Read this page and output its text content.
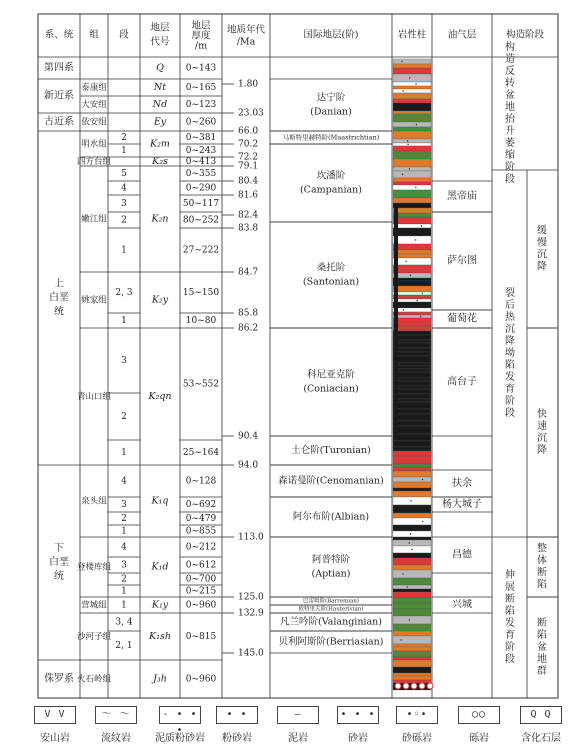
系、统 组 段
地层
代号
地层
厚度
/m
地质年代
/Ma
国际地层(阶)	岩性柱 油气层	构造阶段
第四系
新近系
古近系
上
白垩
统
下
白垩
统
侏罗系
泰康组
大安组
依安组
明水组
四方台组
嫩江组
姚家组
青山口组
泉头组
登楼库组
营城组
沙河子组
火石岭组
2
1
5
4
3
2
1
2, 3
1
3
2
1
4
3
2
1
4
3
2
1
1
3, 4
2, 1
Q
Nt
Nd
Ey
K₂m
K₂s
K₂n
K₂y
K₂qn
K₁q
K₁d
K₁y
K₁sh
J₃h
0~143
0~165
0~123
0~260
0~381
0~243
0~413
0~355
0~290
50~117
80~252
27~222
15~150
10~80
53~552
25~164
0~128
0~692
0~479
0~855
0~212
0~612
0~700
0~215
0~960
0~815
0~960
1.80
23.03
66.0
70.2
72.2
79.1
80.4
81.6
82.4
83.8
84.7
85.8
86.2
90.4
94.0
113.0
125.0
132.9
145.0
达宁阶
(Danian)
马斯特里赫特阶(Maastrichtian)
坎潘阶
(Campanian)
桑托阶
(Santonian)
科尼亚克阶
(Coniacian)
土仑阶(Turonian)
森诺曼阶(Cenomanian)
阿尔布阶(Albian)
阿普特阶
(Aptian)
巴雷姆阶(Barremian)
欧特里夫阶(Hauterivian)
凡兰吟阶(Valanginian)
贝利阿斯阶(Berriasian)
黑帝庙
萨尔图
葡萄花
高台子
扶余
杨大城子
昌德
兴城
构
造
反
转
盆
地
抬
升
萎
缩
阶
段
裂
后
热
沉
降
坳
陷
发
育
阶
段
伸
展
断
陷
发
育
阶
段
缓
慢
沉
降
快
速
沉
降
整
体
断
陷
断
陷
盆
地
群
V V
安山岩
～ ～
流纹岩
- • • •
泥质粉砂岩
• •
粉砂岩
—
泥岩
• • •
砂岩
•◦•
砂砾岩
◯◯
砾岩
Q Q
含化石层
